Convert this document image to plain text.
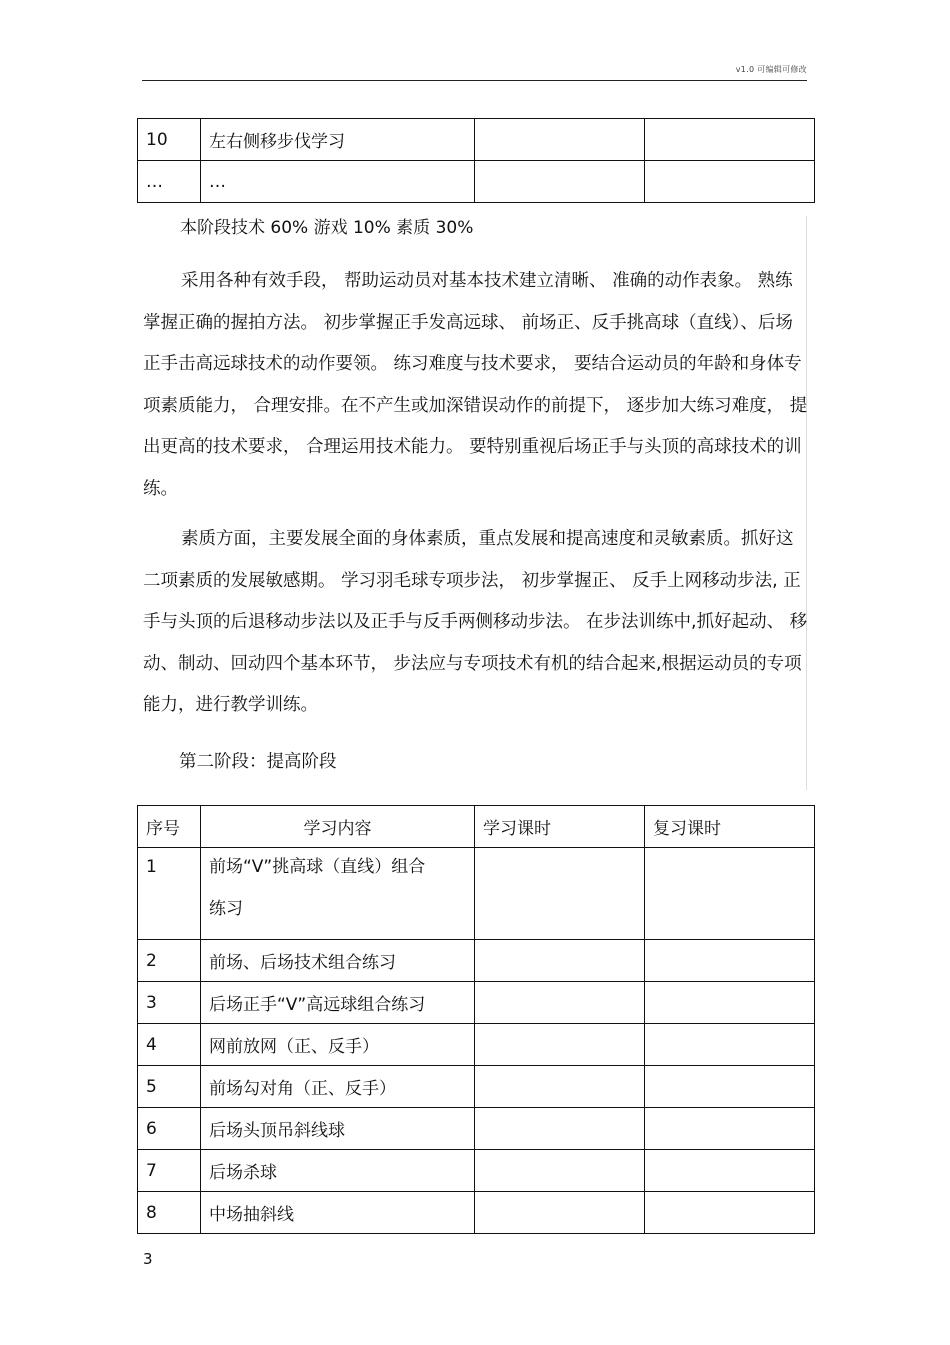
v1.0 可编辑可修改
10	左右侧移步伐学习		
…	…		
本阶段技术 60% 游戏 10% 素质 30%
采用各种有效手段， 帮助运动员对基本技术建立清晰、 准确的动作表象。 熟练掌握正确的握拍方法。 初步掌握正手发高远球、 前场正、反手挑高球（直线）、后场正手击高远球技术的动作要领。 练习难度与技术要求， 要结合运动员的年龄和身体专项素质能力， 合理安排。在不产生或加深错误动作的前提下， 逐步加大练习难度， 提出更高的技术要求， 合理运用技术能力。 要特别重视后场正手与头顶的高球技术的训练。
素质方面，主要发展全面的身体素质，重点发展和提高速度和灵敏素质。抓好这二项素质的发展敏感期。 学习羽毛球专项步法， 初步掌握正、 反手上网移动步法, 正手与头顶的后退移动步法以及正手与反手两侧移动步法。 在步法训练中,抓好起动、 移动、制动、回动四个基本环节， 步法应与专项技术有机的结合起来,根据运动员的专项能力，进行教学训练。
第二阶段：提高阶段
序号	学习内容	学习课时	复习课时

1	前场“V”挑高球（直线）组合
练习		

2	前场、后场技术组合练习		
3	后场正手“V”高远球组合练习		
4	网前放网（正、反手）		
5	前场勾对角（正、反手）		
6	后场头顶吊斜线球		
7	后场杀球		
8	中场抽斜线		
3
